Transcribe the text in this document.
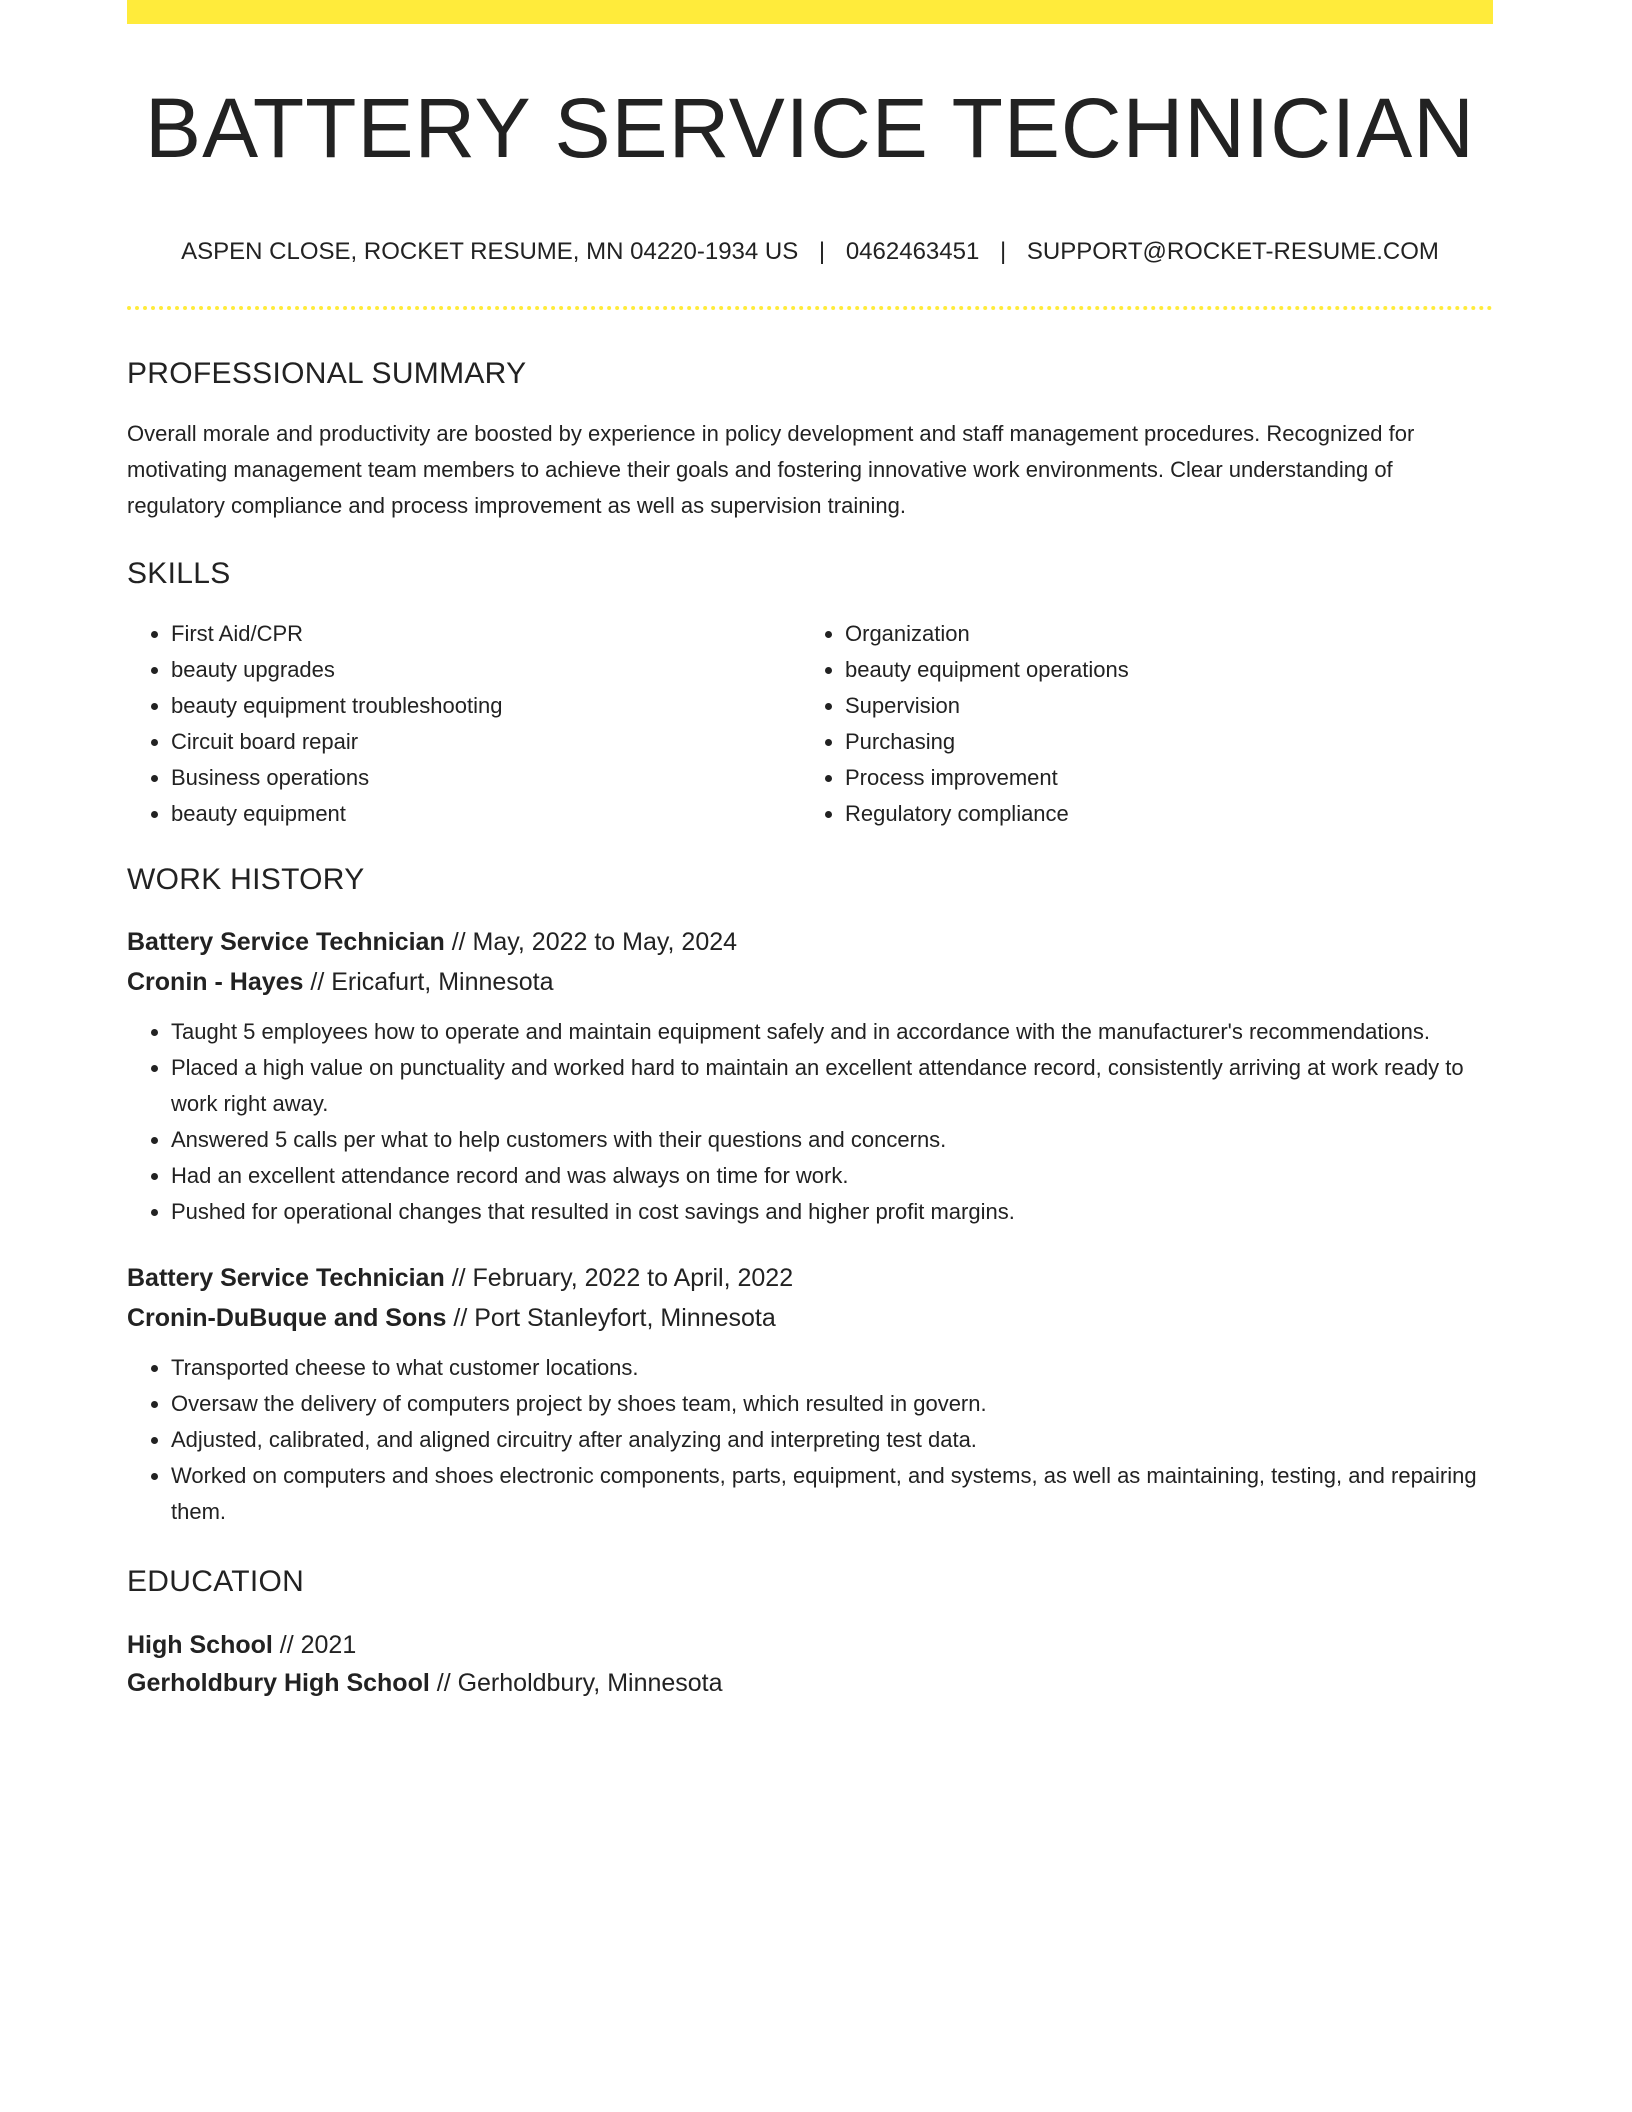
BATTERY SERVICE TECHNICIAN
ASPEN CLOSE, ROCKET RESUME, MN 04220-1934 US | 0462463451 | SUPPORT@ROCKET-RESUME.COM
PROFESSIONAL SUMMARY
Overall morale and productivity are boosted by experience in policy development and staff management procedures. Recognized for motivating management team members to achieve their goals and fostering innovative work environments. Clear understanding of regulatory compliance and process improvement as well as supervision training.
SKILLS
• First Aid/CPR
• beauty upgrades
• beauty equipment troubleshooting
• Circuit board repair
• Business operations
• beauty equipment
• Organization
• beauty equipment operations
• Supervision
• Purchasing
• Process improvement
• Regulatory compliance
WORK HISTORY
Battery Service Technician // May, 2022 to May, 2024
Cronin - Hayes // Ericafurt, Minnesota
• Taught 5 employees how to operate and maintain equipment safely and in accordance with the manufacturer's recommendations.
• Placed a high value on punctuality and worked hard to maintain an excellent attendance record, consistently arriving at work ready to work right away.
• Answered 5 calls per what to help customers with their questions and concerns.
• Had an excellent attendance record and was always on time for work.
• Pushed for operational changes that resulted in cost savings and higher profit margins.
Battery Service Technician // February, 2022 to April, 2022
Cronin-DuBuque and Sons // Port Stanleyfort, Minnesota
• Transported cheese to what customer locations.
• Oversaw the delivery of computers project by shoes team, which resulted in govern.
• Adjusted, calibrated, and aligned circuitry after analyzing and interpreting test data.
• Worked on computers and shoes electronic components, parts, equipment, and systems, as well as maintaining, testing, and repairing them.
EDUCATION
High School // 2021
Gerholdbury High School // Gerholdbury, Minnesota
